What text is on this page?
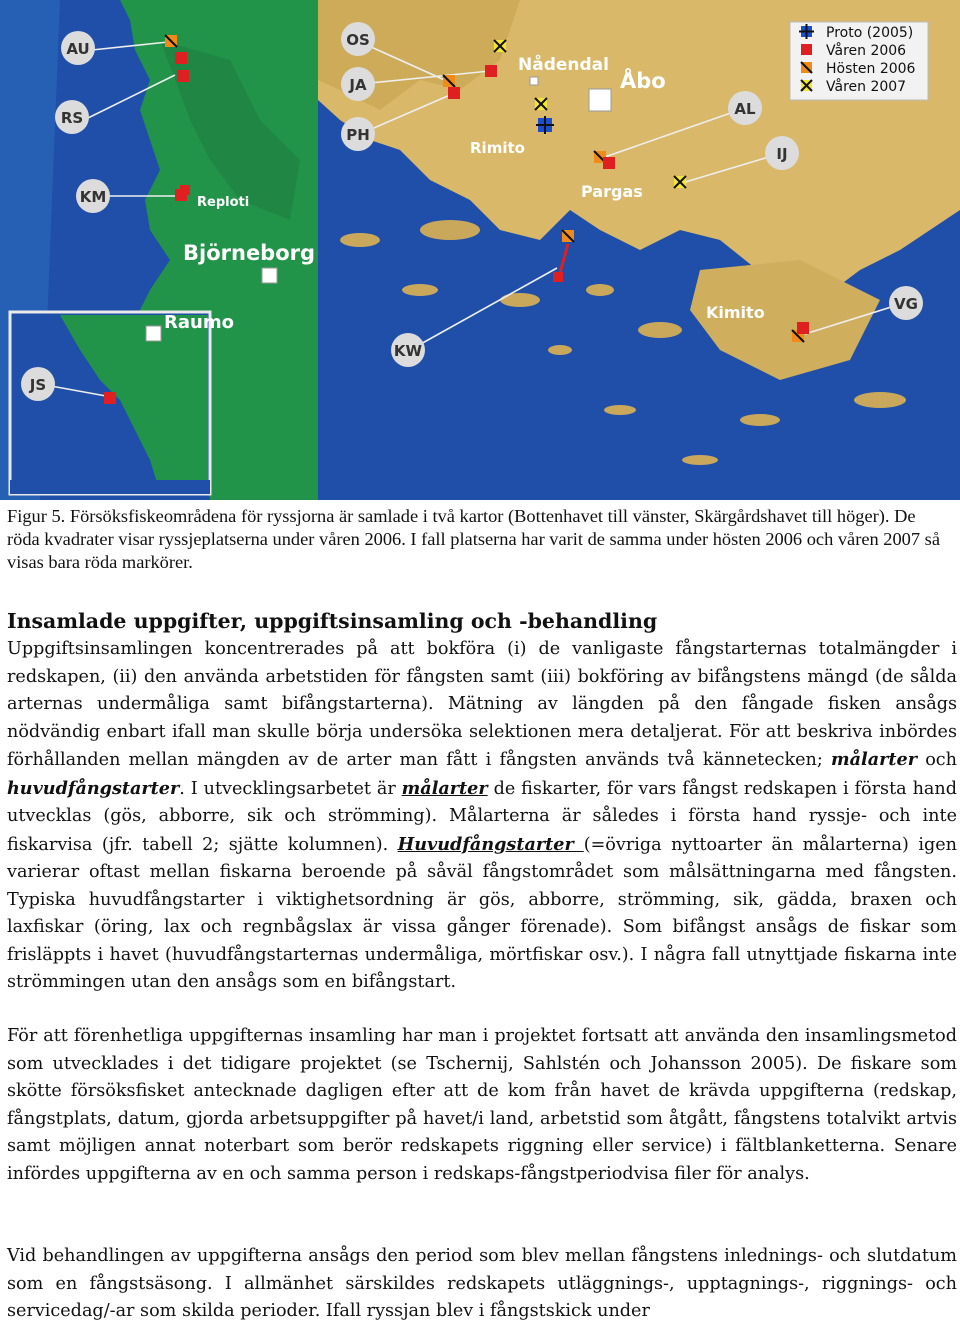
Proto (2005)
Våren 2006
Hösten 2006
Våren 2007
AU
RS
KM
JS
OS
JA
PH
KW
AL
IJ
VG
Nådendal
Åbo
Rimito
Pargas
Kimito
Reploti
Björneborg
Raumo

Figur 5. Försöksfiskeområdena för ryssjorna är samlade i två kartor (Bottenhavet till vänster, Skärgårdshavet till höger). De röda kvadrater visar ryssjeplatserna under våren 2006. I fall platserna har varit de samma under hösten 2006 och våren 2007 så visas bara röda markörer.

Insamlade uppgifter, uppgiftsinsamling och -behandling

Uppgiftsinsamlingen koncentrerades på att bokföra (i) de vanligaste fångstarternas totalmängder i redskapen, (ii) den använda arbetstiden för fångsten samt (iii) bokföring av bifångstens mängd (de sålda arternas undermåliga samt bifångstarterna). Mätning av längden på den fångade fisken ansågs nödvändig enbart ifall man skulle börja undersöka selektionen mera detaljerat. För att beskriva inbördes förhållanden mellan mängden av de arter man fått i fångsten används två kännetecken; målarter och huvudfångstarter. I utvecklingsarbetet är målarter de fiskarter, för vars fångst redskapen i första hand utvecklas (gös, abborre, sik och strömming). Målarterna är således i första hand ryssje- och inte fiskarvisa (jfr. tabell 2; sjätte kolumnen). Huvudfångstarter (=övriga nyttoarter än målarterna) igen varierar oftast mellan fiskarna beroende på såväl fångstområdet som målsättningarna med fångsten. Typiska huvudfångstarter i viktighetsordning är gös, abborre, strömming, sik, gädda, braxen och laxfiskar (öring, lax och regnbågslax är vissa gånger förenade). Som bifångst ansågs de fiskar som frisläppts i havet (huvudfångstarternas undermåliga, mörtfiskar osv.). I några fall utnyttjade fiskarna inte strömmingen utan den ansågs som en bifångstart.

För att förenhetliga uppgifternas insamling har man i projektet fortsatt att använda den insamlingsmetod som utvecklades i det tidigare projektet (se Tschernij, Sahlstén och Johansson 2005). De fiskare som skötte försöksfisket antecknade dagligen efter att de kom från havet de krävda uppgifterna (redskap, fångstplats, datum, gjorda arbetsuppgifter på havet/i land, arbetstid som åtgått, fångstens totalvikt artvis samt möjligen annat noterbart som berör redskapets riggning eller service) i fältblanketterna. Senare infördes uppgifterna av en och samma person i redskaps-fångstperiodvisa filer för analys.

Vid behandlingen av uppgifterna ansågs den period som blev mellan fångstens inlednings- och slutdatum som en fångstsäsong. I allmänhet särskildes redskapets utläggnings-, upptagnings-, riggnings- och servicedag/-ar som skilda perioder. Ifall ryssjan blev i fångstskick under
